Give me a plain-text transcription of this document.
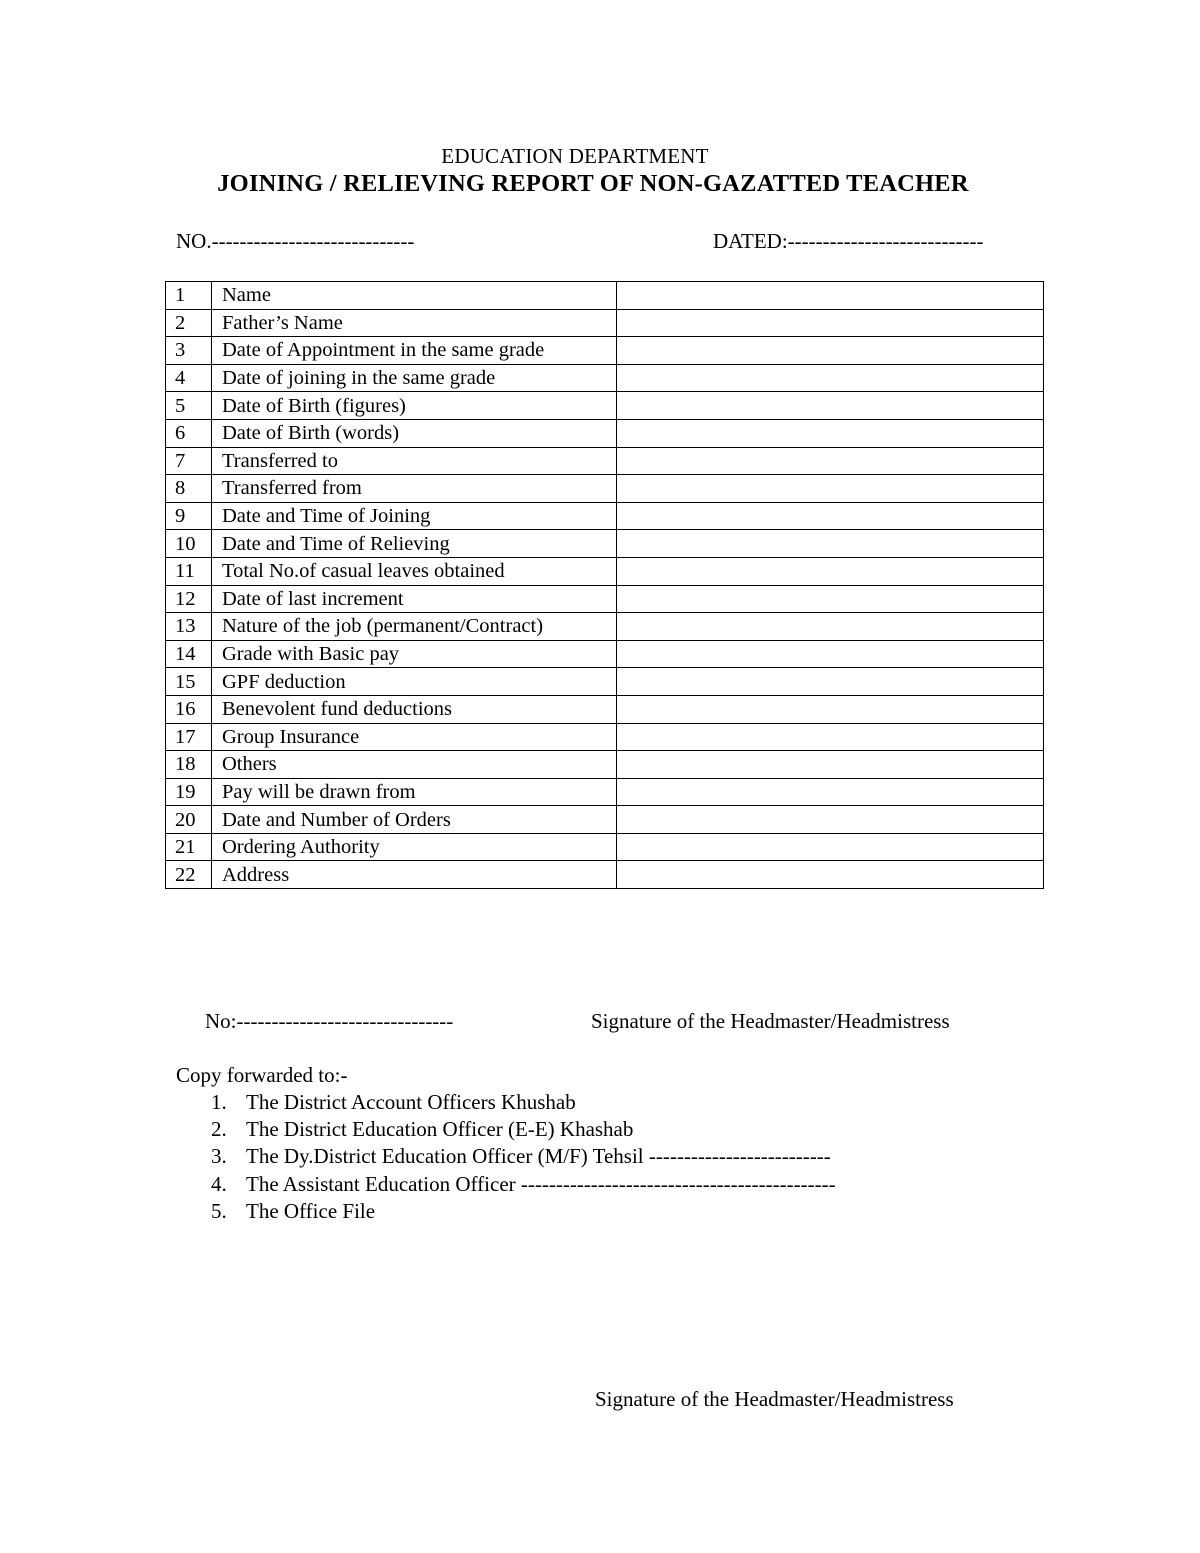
EDUCATION DEPARTMENT
JOINING / RELIEVING REPORT OF NON-GAZATTED TEACHER
NO.-----------------------------	DATED:----------------------------
1	Name	
2	Father’s Name	
3	Date of Appointment in the same grade	
4	Date of joining in the same grade	
5	Date of Birth (figures)	
6	Date of Birth (words)	
7	Transferred to	
8	Transferred from	
9	Date and Time of Joining	
10	Date and Time of Relieving	
11	Total No.of casual leaves obtained	
12	Date of last increment	
13	Nature of the job (permanent/Contract)	
14	Grade with Basic pay	
15	GPF deduction	
16	Benevolent fund deductions	
17	Group Insurance	
18	Others	
19	Pay will be drawn from	
20	Date and Number of Orders	
21	Ordering Authority	
22	Address	
No:-------------------------------	Signature of the Headmaster/Headmistress
Copy forwarded to:-
1. The District Account Officers Khushab
2. The District Education Officer (E-E) Khashab
3. The Dy.District Education Officer (M/F) Tehsil --------------------------
4. The Assistant Education Officer ---------------------------------------------
5. The Office File
Signature of the Headmaster/Headmistress
